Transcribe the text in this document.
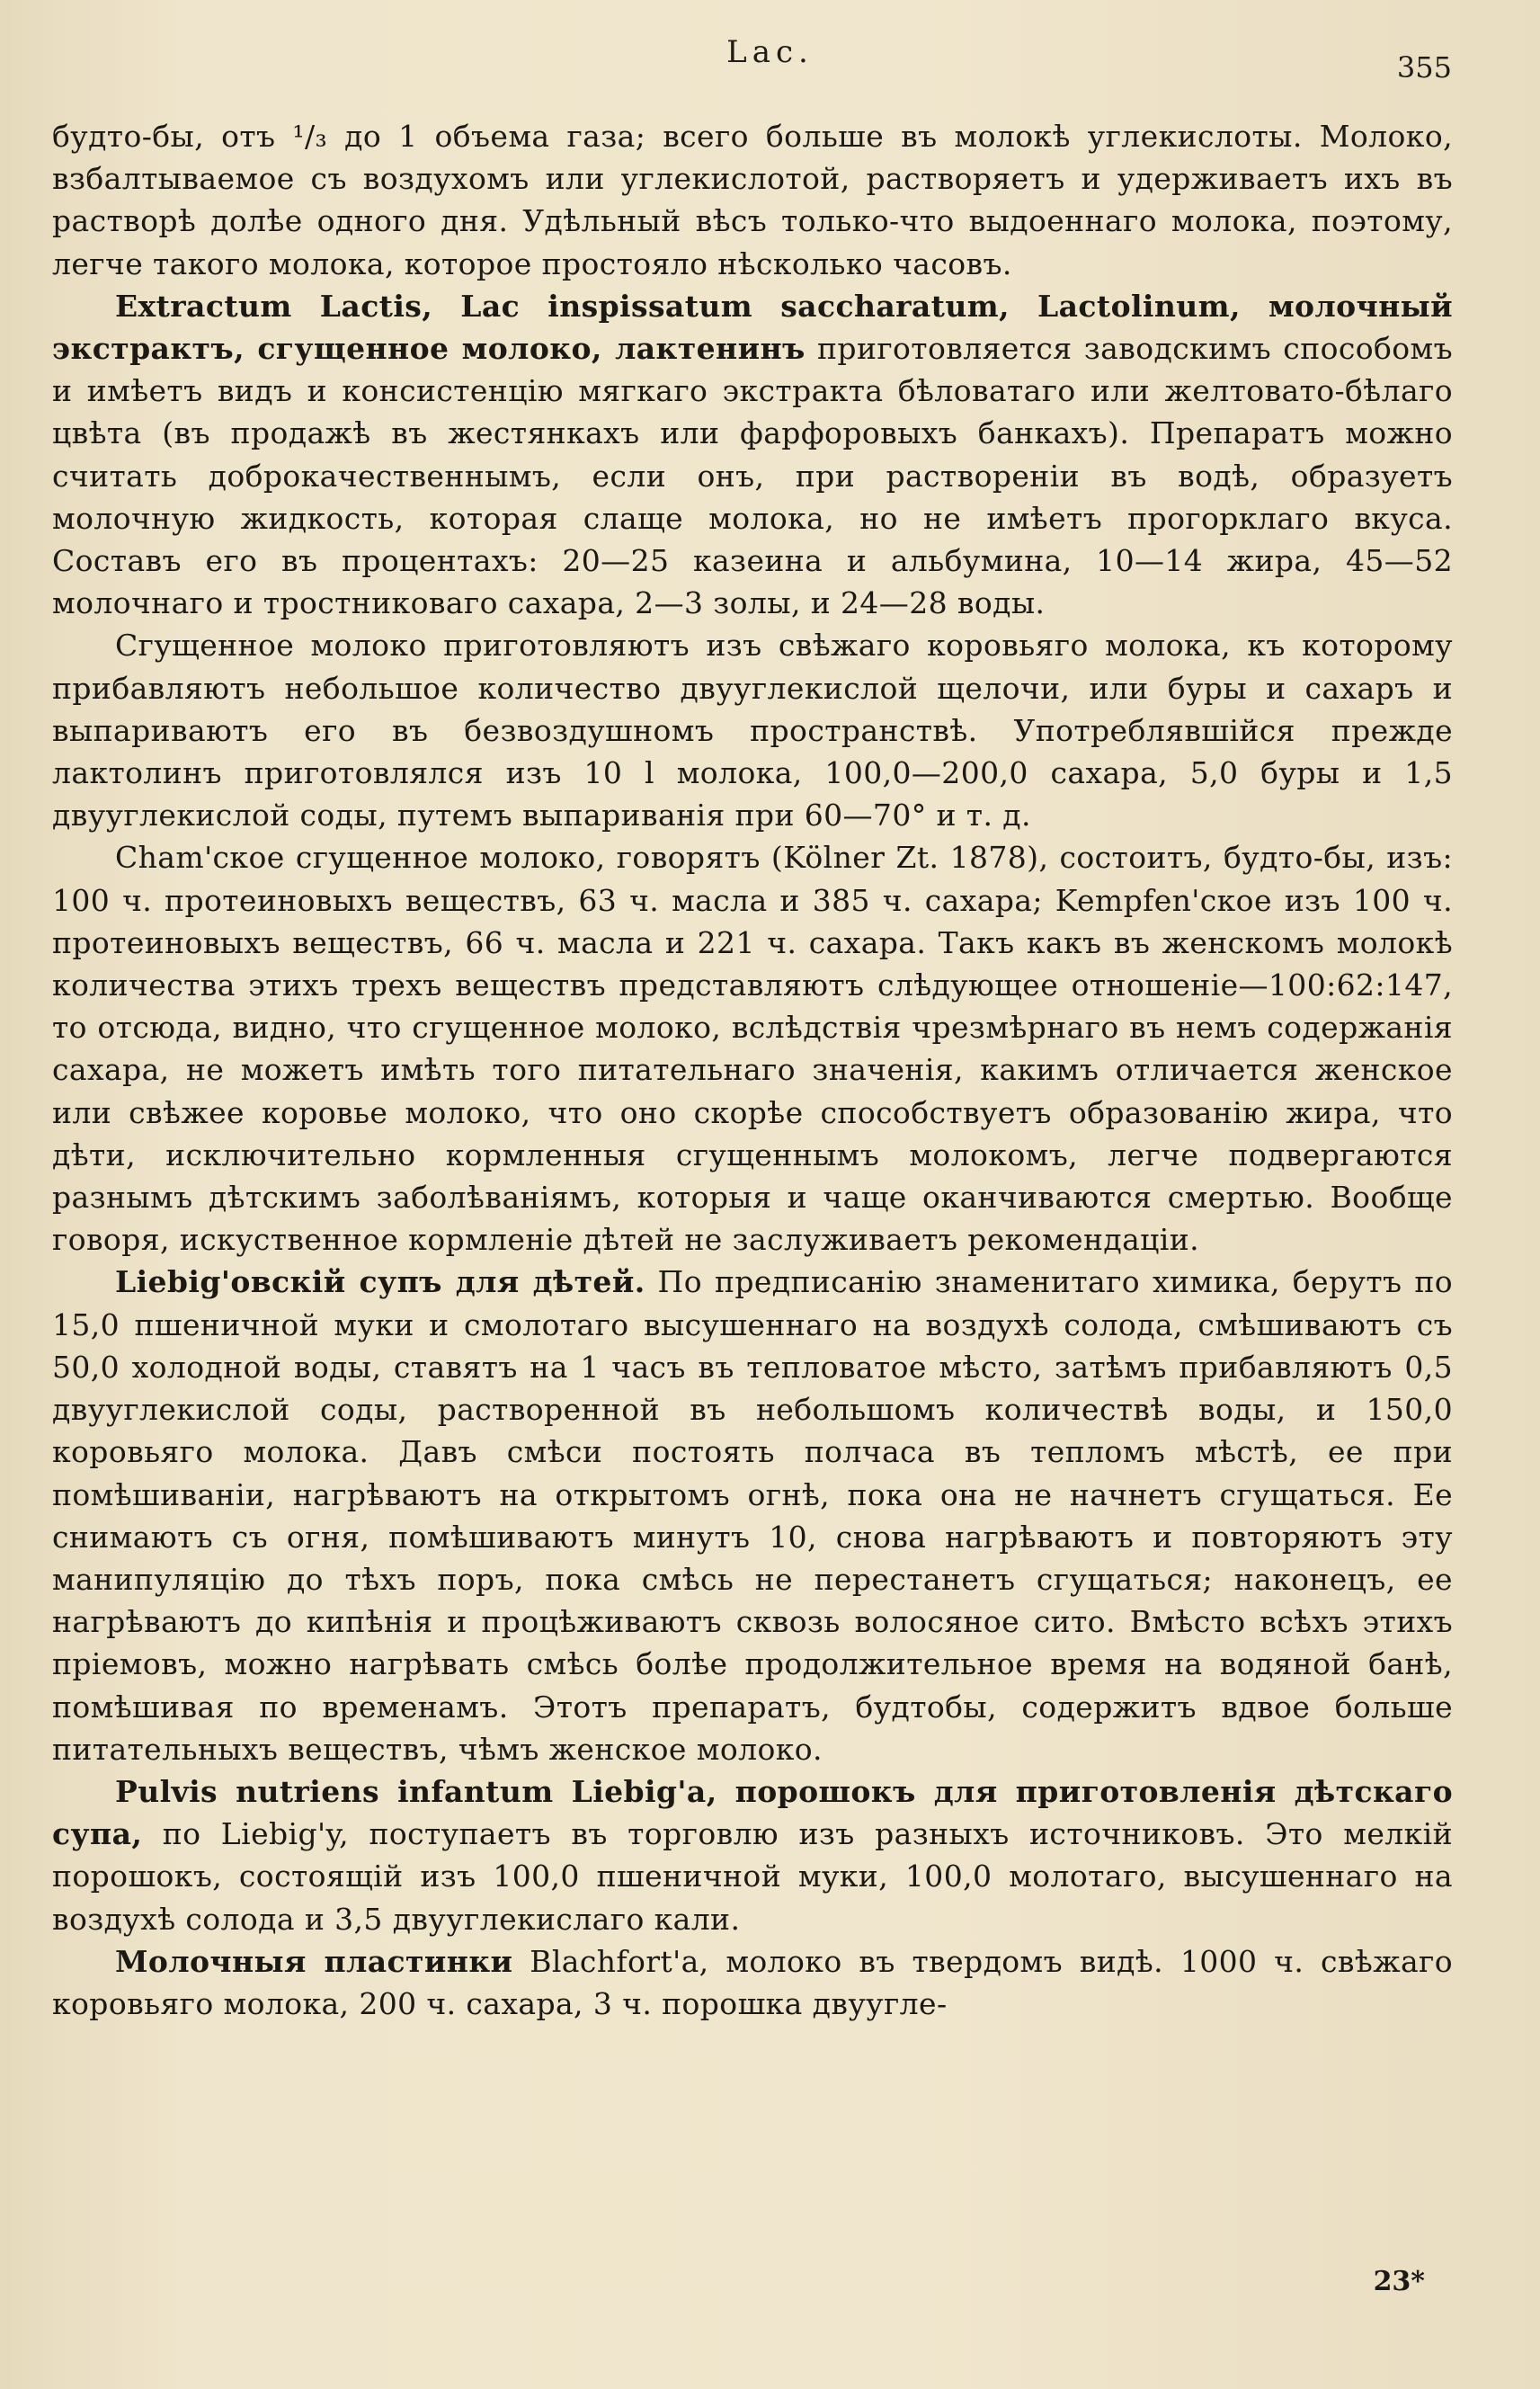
Lac.	355

будто-бы, отъ ¹/₃ до 1 объема газа; всего больше въ молокѣ углекислоты. Молоко, взбалтываемое съ воздухомъ или углекислотой, растворяетъ и удерживаетъ ихъ въ растворѣ долѣе одного дня. Удѣльный вѣсъ только-что выдоеннаго молока, поэтому, легче такого молока, которое простояло нѣсколько часовъ.

Extractum Lactis, Lac inspissatum saccharatum, Lactolinum, молочный экстрактъ, сгущенное молоко, лактенинъ приготовляется заводскимъ способомъ и имѣетъ видъ и консистенцію мягкаго экстракта бѣловатаго или желтовато-бѣлаго цвѣта (въ продажѣ въ жестянкахъ или фарфоровыхъ банкахъ). Препаратъ можно считать доброкачественнымъ, если онъ, при раствореніи въ водѣ, образуетъ молочную жидкость, которая слаще молока, но не имѣетъ прогорклаго вкуса. Составъ его въ процентахъ: 20—25 казеина и альбумина, 10—14 жира, 45—52 молочнаго и тростниковаго сахара, 2—3 золы, и 24—28 воды.

Сгущенное молоко приготовляютъ изъ свѣжаго коровьяго молока, къ которому прибавляютъ небольшое количество двууглекислой щелочи, или буры и сахаръ и выпариваютъ его въ безвоздушномъ пространствѣ. Употреблявшійся прежде лактолинъ приготовлялся изъ 10 l молока, 100,0—200,0 сахара, 5,0 буры и 1,5 двууглекислой соды, путемъ выпариванія при 60—70° и т. д.

Cham'ское сгущенное молоко, говорятъ (Kölner Zt. 1878), состоитъ, будто-бы, изъ: 100 ч. протеиновыхъ веществъ, 63 ч. масла и 385 ч. сахара; Kempfen'ское изъ 100 ч. протеиновыхъ веществъ, 66 ч. масла и 221 ч. сахара. Такъ какъ въ женскомъ молокѣ количества этихъ трехъ веществъ представляютъ слѣдующее отношеніе—100:62:147, то отсюда, видно, что сгущенное молоко, вслѣдствія чрезмѣрнаго въ немъ содержанія сахара, не можетъ имѣть того питательнаго значенія, какимъ отличается женское или свѣжее коровье молоко, что оно скорѣе способствуетъ образованію жира, что дѣти, исключительно кормленныя сгущеннымъ молокомъ, легче подвергаются разнымъ дѣтскимъ заболѣваніямъ, которыя и чаще оканчиваются смертью. Вообще говоря, искуственное кормленіе дѣтей не заслуживаетъ рекомендаціи.

Liebig'овскій супъ для дѣтей. По предписанію знаменитаго химика, берутъ по 15,0 пшеничной муки и смолотаго высушеннаго на воздухѣ солода, смѣшиваютъ съ 50,0 холодной воды, ставятъ на 1 часъ въ тепловатое мѣсто, затѣмъ прибавляютъ 0,5 двууглекислой соды, растворенной въ небольшомъ количествѣ воды, и 150,0 коровьяго молока. Давъ смѣси постоять полчаса въ тепломъ мѣстѣ, ее при помѣшиваніи, нагрѣваютъ на открытомъ огнѣ, пока она не начнетъ сгущаться. Ее снимаютъ съ огня, помѣшиваютъ минутъ 10, снова нагрѣваютъ и повторяютъ эту манипуляцію до тѣхъ поръ, пока смѣсь не перестанетъ сгущаться; наконецъ, ее нагрѣваютъ до кипѣнія и процѣживаютъ сквозь волосяное сито. Вмѣсто всѣхъ этихъ пріемовъ, можно нагрѣвать смѣсь болѣе продолжительное время на водяной банѣ, помѣшивая по временамъ. Этотъ препаратъ, будтобы, содержитъ вдвое больше питательныхъ веществъ, чѣмъ женское молоко.

Pulvis nutriens infantum Liebig'a, порошокъ для приготовленія дѣтскаго супа, по Liebig'y, поступаетъ въ торговлю изъ разныхъ источниковъ. Это мелкій порошокъ, состоящій изъ 100,0 пшеничной муки, 100,0 молотаго, высушеннаго на воздухѣ солода и 3,5 двууглекислаго кали.

Молочныя пластинки Blachfort'a, молоко въ твердомъ видѣ. 1000 ч. свѣжаго коровьяго молока, 200 ч. сахара, 3 ч. порошка двуугле-

23*
